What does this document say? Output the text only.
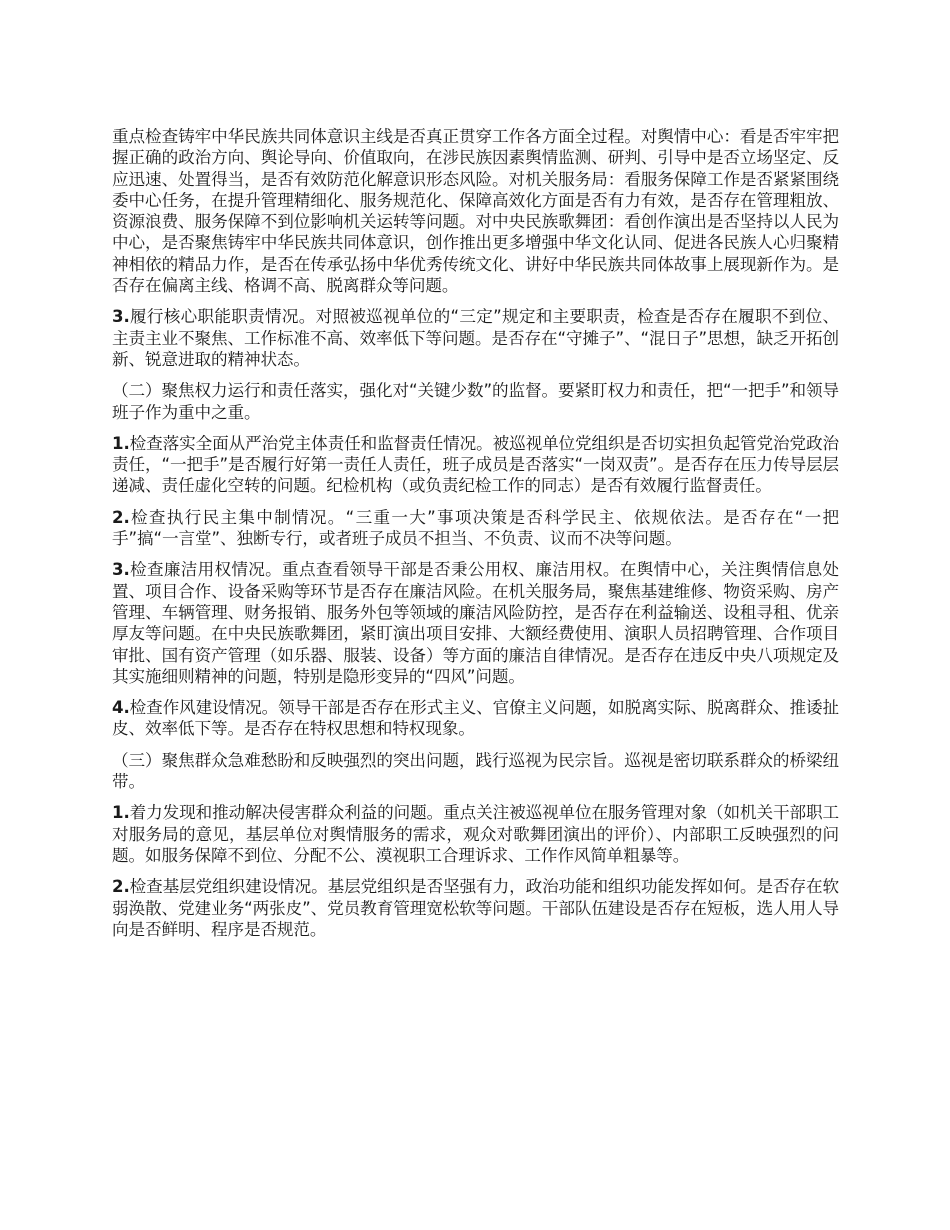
重点检查铸牢中华民族共同体意识主线是否真正贯穿工作各方面全过程。对舆情中心：看是否牢牢把握正确的政治方向、舆论导向、价值取向，在涉民族因素舆情监测、研判、引导中是否立场坚定、反应迅速、处置得当，是否有效防范化解意识形态风险。对机关服务局：看服务保障工作是否紧紧围绕委中心任务，在提升管理精细化、服务规范化、保障高效化方面是否有力有效，是否存在管理粗放、资源浪费、服务保障不到位影响机关运转等问题。对中央民族歌舞团：看创作演出是否坚持以人民为中心，是否聚焦铸牢中华民族共同体意识，创作推出更多增强中华文化认同、促进各民族人心归聚精神相依的精品力作，是否在传承弘扬中华优秀传统文化、讲好中华民族共同体故事上展现新作为。是否存在偏离主线、格调不高、脱离群众等问题。

3.履行核心职能职责情况。对照被巡视单位的“三定”规定和主要职责，检查是否存在履职不到位、主责主业不聚焦、工作标准不高、效率低下等问题。是否存在“守摊子”、“混日子”思想，缺乏开拓创新、锐意进取的精神状态。

（二）聚焦权力运行和责任落实，强化对“关键少数”的监督。要紧盯权力和责任，把“一把手”和领导班子作为重中之重。

1.检查落实全面从严治党主体责任和监督责任情况。被巡视单位党组织是否切实担负起管党治党政治责任，“一把手”是否履行好第一责任人责任，班子成员是否落实“一岗双责”。是否存在压力传导层层递减、责任虚化空转的问题。纪检机构（或负责纪检工作的同志）是否有效履行监督责任。

2.检查执行民主集中制情况。“三重一大”事项决策是否科学民主、依规依法。是否存在“一把手”搞“一言堂”、独断专行，或者班子成员不担当、不负责、议而不决等问题。

3.检查廉洁用权情况。重点查看领导干部是否秉公用权、廉洁用权。在舆情中心，关注舆情信息处置、项目合作、设备采购等环节是否存在廉洁风险。在机关服务局，聚焦基建维修、物资采购、房产管理、车辆管理、财务报销、服务外包等领域的廉洁风险防控，是否存在利益输送、设租寻租、优亲厚友等问题。在中央民族歌舞团，紧盯演出项目安排、大额经费使用、演职人员招聘管理、合作项目审批、国有资产管理（如乐器、服装、设备）等方面的廉洁自律情况。是否存在违反中央八项规定及其实施细则精神的问题，特别是隐形变异的“四风”问题。

4.检查作风建设情况。领导干部是否存在形式主义、官僚主义问题，如脱离实际、脱离群众、推诿扯皮、效率低下等。是否存在特权思想和特权现象。

（三）聚焦群众急难愁盼和反映强烈的突出问题，践行巡视为民宗旨。巡视是密切联系群众的桥梁纽带。

1.着力发现和推动解决侵害群众利益的问题。重点关注被巡视单位在服务管理对象（如机关干部职工对服务局的意见，基层单位对舆情服务的需求，观众对歌舞团演出的评价）、内部职工反映强烈的问题。如服务保障不到位、分配不公、漠视职工合理诉求、工作作风简单粗暴等。

2.检查基层党组织建设情况。基层党组织是否坚强有力，政治功能和组织功能发挥如何。是否存在软弱涣散、党建业务“两张皮”、党员教育管理宽松软等问题。干部队伍建设是否存在短板，选人用人导向是否鲜明、程序是否规范。
